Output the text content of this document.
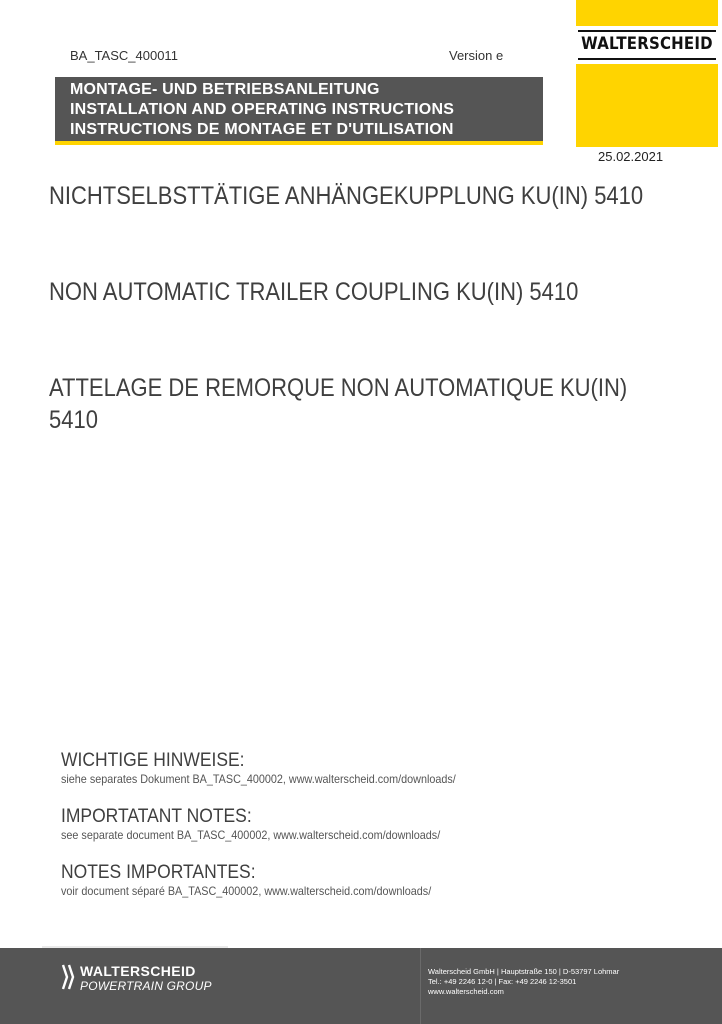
BA_TASC_400011	Version e
WALTERSCHEID
MONTAGE- UND BETRIEBSANLEITUNG
INSTALLATION AND OPERATING INSTRUCTIONS
INSTRUCTIONS DE MONTAGE ET D'UTILISATION
25.02.2021
NICHTSELBSTTÄTIGE ANHÄNGEKUPPLUNG KU(IN) 5410
NON AUTOMATIC TRAILER COUPLING KU(IN) 5410
ATTELAGE DE REMORQUE NON AUTOMATIQUE KU(IN) 5410
WICHTIGE HINWEISE:
siehe separates Dokument BA_TASC_400002, www.walterscheid.com/downloads/
IMPORTATANT NOTES:
see separate document BA_TASC_400002, www.walterscheid.com/downloads/
NOTES IMPORTANTES:
voir document séparé BA_TASC_400002, www.walterscheid.com/downloads/
WALTERSCHEID
POWERTRAIN GROUP
Walterscheid GmbH | Hauptstraße 150 | D-53797 Lohmar
Tel.: +49 2246 12-0 | Fax: +49 2246 12-3501
www.walterscheid.com
